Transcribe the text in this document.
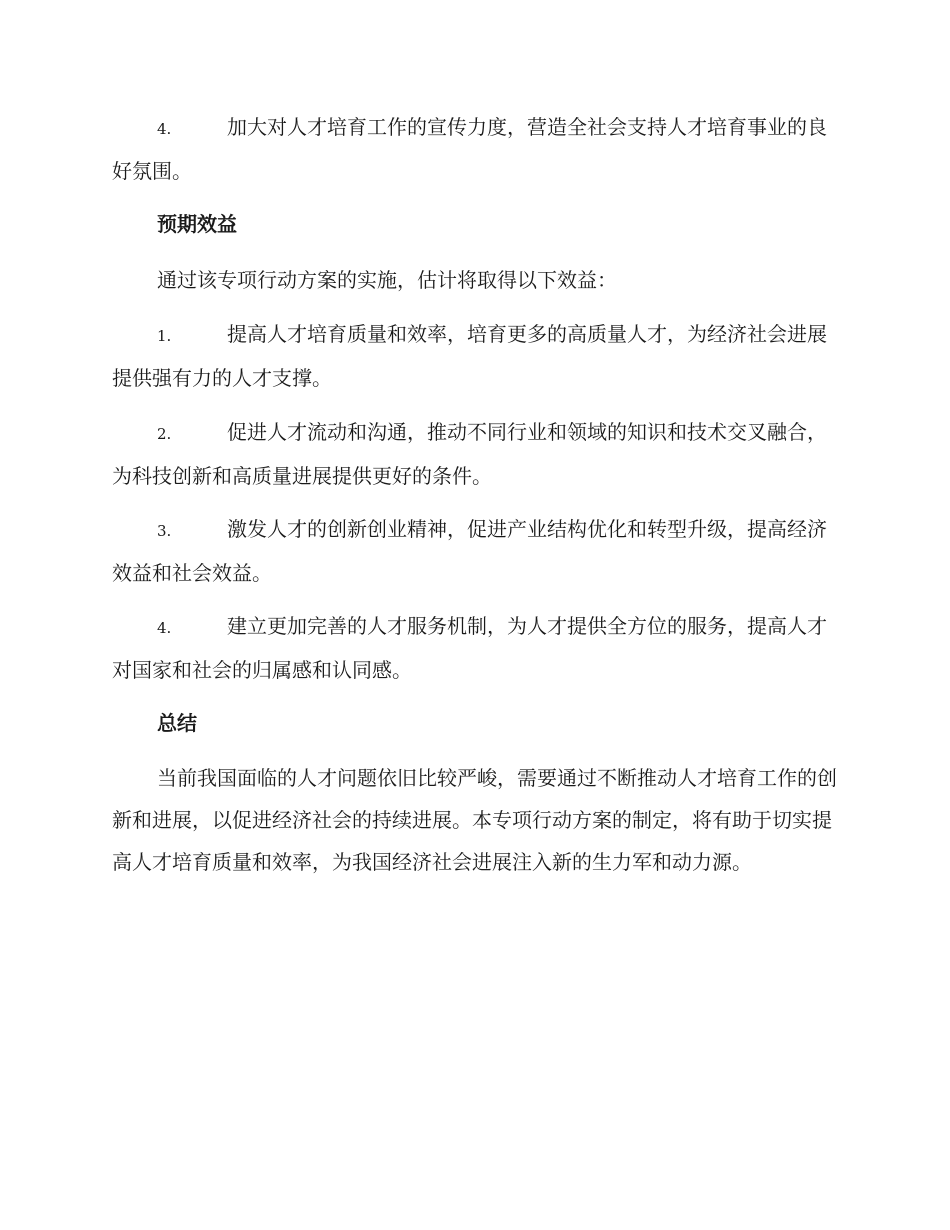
4.	加大对人才培育工作的宣传力度，营造全社会支持人才培育事业的良好氛围。

预期效益

通过该专项行动方案的实施，估计将取得以下效益：

1.	提高人才培育质量和效率，培育更多的高质量人才，为经济社会进展提供强有力的人才支撑。

2.	促进人才流动和沟通，推动不同行业和领域的知识和技术交叉融合，为科技创新和高质量进展提供更好的条件。

3.	激发人才的创新创业精神，促进产业结构优化和转型升级，提高经济效益和社会效益。

4.	建立更加完善的人才服务机制，为人才提供全方位的服务，提高人才对国家和社会的归属感和认同感。

总结

当前我国面临的人才问题依旧比较严峻，需要通过不断推动人才培育工作的创新和进展，以促进经济社会的持续进展。本专项行动方案的制定，将有助于切实提高人才培育质量和效率，为我国经济社会进展注入新的生力军和动力源。
